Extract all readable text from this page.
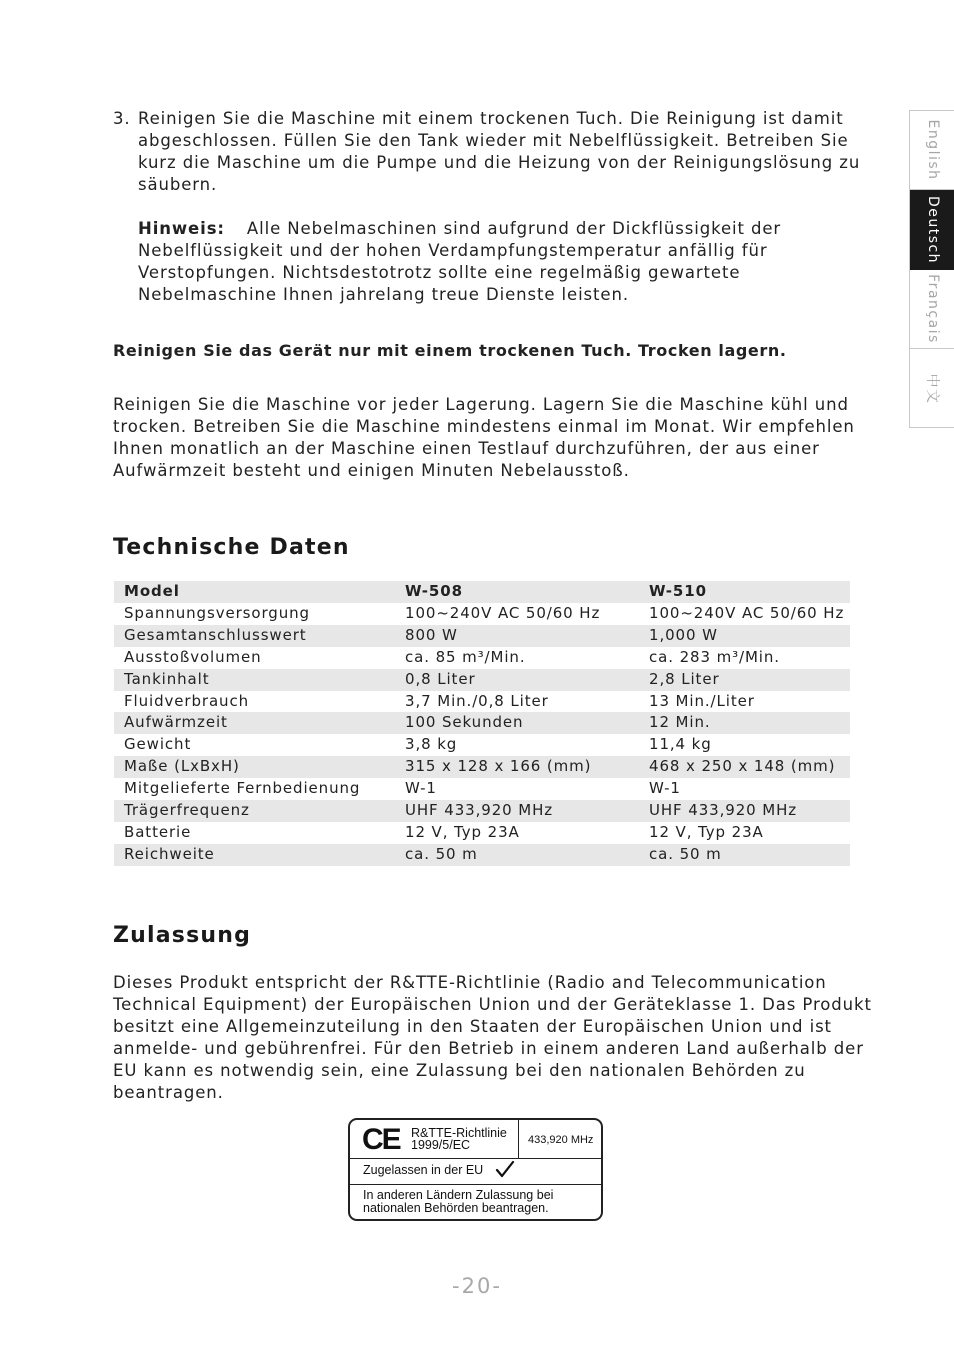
3. Reinigen Sie die Maschine mit einem trockenen Tuch. Die Reinigung ist damit abgeschlossen. Füllen Sie den Tank wieder mit Nebelflüssigkeit. Betreiben Sie kurz die Maschine um die Pumpe und die Heizung von der Reinigungslösung zu säubern.

Hinweis: Alle Nebelmaschinen sind aufgrund der Dickflüssigkeit der Nebelflüssigkeit und der hohen Verdampfungstemperatur anfällig für Verstopfungen. Nichtsdestotrotz sollte eine regelmäßig gewartete Nebelmaschine Ihnen jahrelang treue Dienste leisten.

Reinigen Sie das Gerät nur mit einem trockenen Tuch. Trocken lagern.

Reinigen Sie die Maschine vor jeder Lagerung. Lagern Sie die Maschine kühl und trocken. Betreiben Sie die Maschine mindestens einmal im Monat. Wir empfehlen Ihnen monatlich an der Maschine einen Testlauf durchzuführen, der aus einer Aufwärmzeit besteht und einigen Minuten Nebelausstoß.

Technische Daten
Model	W-508	W-510
Spannungsversorgung	100~240V AC 50/60 Hz	100~240V AC 50/60 Hz
Gesamtanschlusswert	800 W	1,000 W
Ausstoßvolumen	ca. 85 m³/Min.	ca. 283 m³/Min.
Tankinhalt	0,8 Liter	2,8 Liter
Fluidverbrauch	3,7 Min./0,8 Liter	13 Min./Liter
Aufwärmzeit	100 Sekunden	12 Min.
Gewicht	3,8 kg	11,4 kg
Maße (LxBxH)	315 x 128 x 166 (mm)	468 x 250 x 148 (mm)
Mitgelieferte Fernbedienung	W-1	W-1
Trägerfrequenz	UHF 433,920 MHz	UHF 433,920 MHz
Batterie	12 V, Typ 23A	12 V, Typ 23A
Reichweite	ca. 50 m	ca. 50 m
Zulassung

Dieses Produkt entspricht der R&TTE-Richtlinie (Radio and Telecommunication Technical Equipment) der Europäischen Union und der Geräteklasse 1. Das Produkt besitzt eine Allgemeinzuteilung in den Staaten der Europäischen Union und ist anmelde- und gebührenfrei. Für den Betrieb in einem anderen Land außerhalb der EU kann es notwendig sein, eine Zulassung bei den nationalen Behörden zu beantragen.

CE R&TTE-Richtlinie
1999/5/EC	433,920 MHz
Zugelassen in der EU
In anderen Ländern Zulassung bei nationalen Behörden beantragen.
-20-
English
Deutsch
Français
中文
